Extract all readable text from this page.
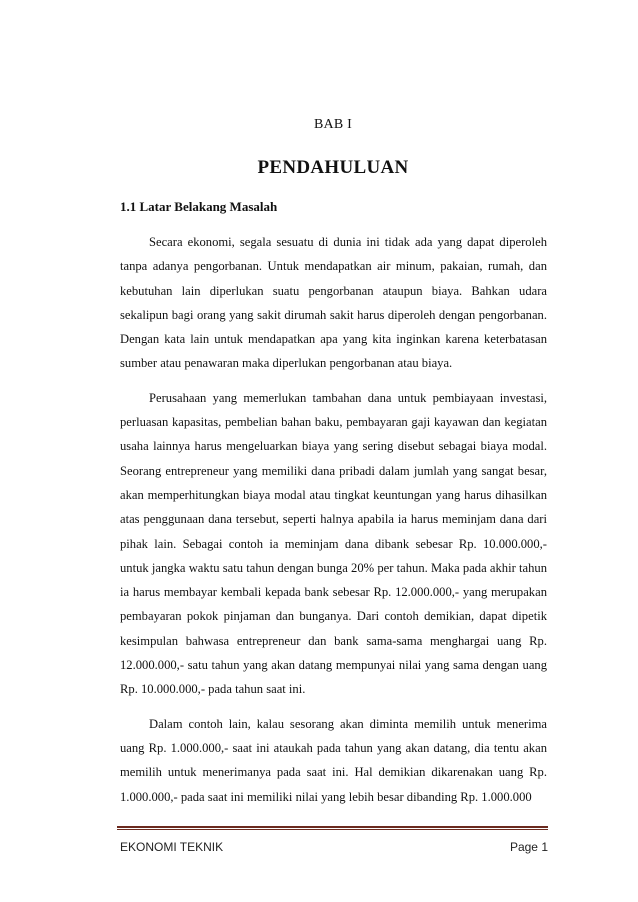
BAB I
PENDAHULUAN
1.1 Latar Belakang Masalah

Secara ekonomi, segala sesuatu di dunia ini tidak ada yang dapat diperoleh tanpa adanya pengorbanan. Untuk mendapatkan air minum, pakaian, rumah, dan kebutuhan lain diperlukan suatu pengorbanan ataupun biaya. Bahkan udara sekalipun bagi orang yang sakit dirumah sakit harus diperoleh dengan pengorbanan. Dengan kata lain untuk mendapatkan apa yang kita inginkan karena keterbatasan sumber atau penawaran maka diperlukan pengorbanan atau biaya.

Perusahaan yang memerlukan tambahan dana untuk pembiayaan investasi, perluasan kapasitas, pembelian bahan baku, pembayaran gaji kayawan dan kegiatan usaha lainnya harus mengeluarkan biaya yang sering disebut sebagai biaya modal. Seorang entrepreneur yang memiliki dana pribadi dalam jumlah yang sangat besar, akan memperhitungkan biaya modal atau tingkat keuntungan yang harus dihasilkan atas penggunaan dana tersebut, seperti halnya apabila ia harus meminjam dana dari pihak lain. Sebagai contoh ia meminjam dana dibank sebesar Rp. 10.000.000,- untuk jangka waktu satu tahun dengan bunga 20% per tahun. Maka pada akhir tahun ia harus membayar kembali kepada bank sebesar Rp. 12.000.000,- yang merupakan pembayaran pokok pinjaman dan bunganya. Dari contoh demikian, dapat dipetik kesimpulan bahwasa entrepreneur dan bank sama-sama menghargai uang Rp. 12.000.000,- satu tahun yang akan datang mempunyai nilai yang sama dengan uang Rp. 10.000.000,- pada tahun saat ini.

Dalam contoh lain, kalau sesorang akan diminta memilih untuk menerima uang Rp. 1.000.000,- saat ini ataukah pada tahun yang akan datang, dia tentu akan memilih untuk menerimanya pada saat ini. Hal demikian dikarenakan uang Rp. 1.000.000,- pada saat ini memiliki nilai yang lebih besar dibanding Rp. 1.000.000

EKONOMI TEKNIK	Page 1
